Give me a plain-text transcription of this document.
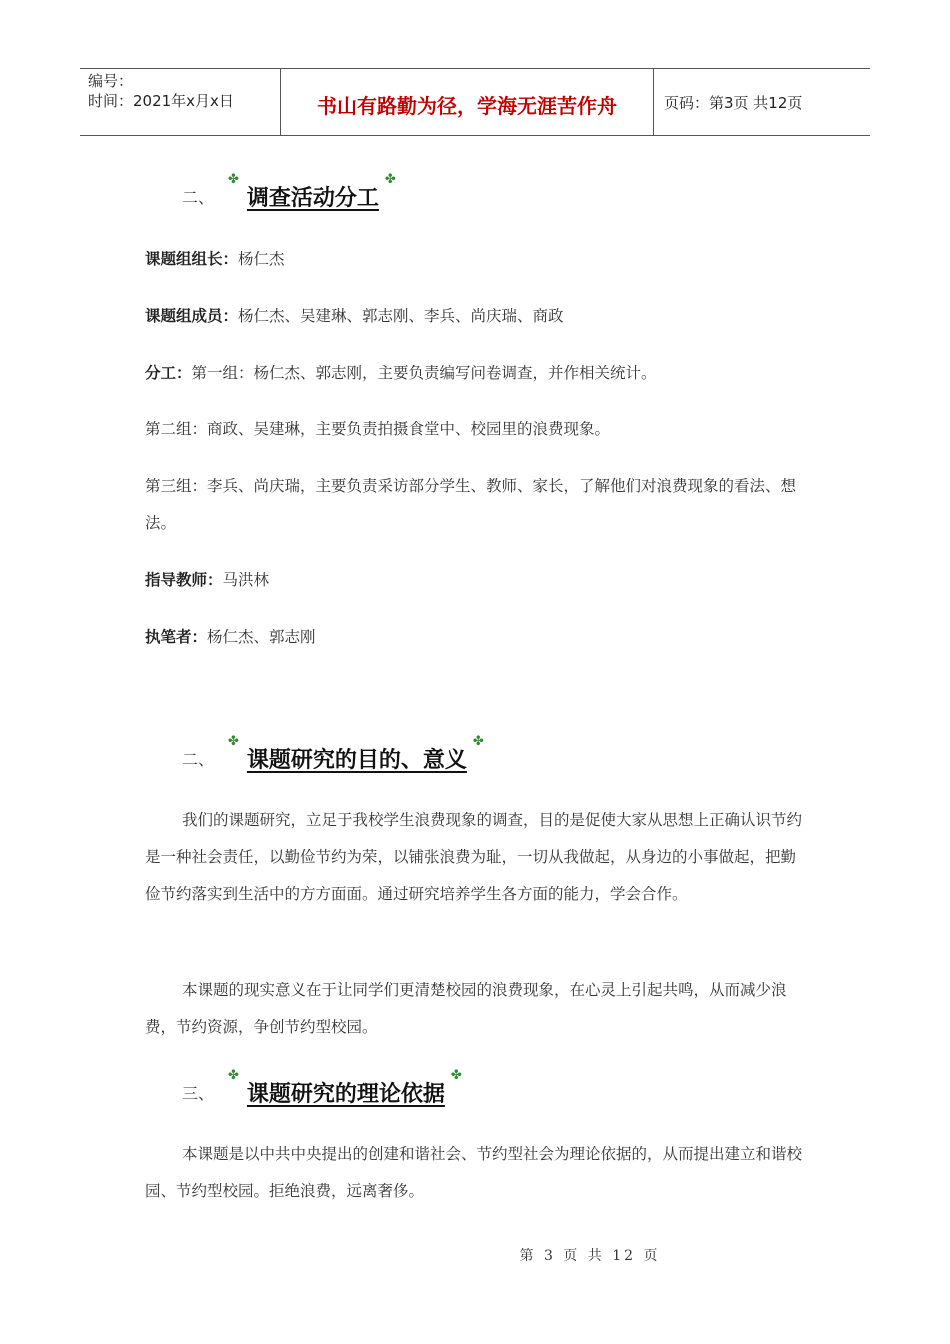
编号：
时间：2021年x月x日	书山有路勤为径，学海无涯苦作舟	页码：第3页 共12页
二、
✤
调查活动分工
✤

课题组组长：杨仁杰

课题组成员：杨仁杰、吴建琳、郭志刚、李兵、尚庆瑞、商政

分工：第一组：杨仁杰、郭志刚，主要负责编写问卷调查，并作相关统计。

第二组：商政、吴建琳，主要负责拍摄食堂中、校园里的浪费现象。

第三组：李兵、尚庆瑞，主要负责采访部分学生、教师、家长，了解他们对浪费现象的看法、想法。

指导教师：马洪林

执笔者：杨仁杰、郭志刚

二、
✤
课题研究的目的、意义
✤

我们的课题研究，立足于我校学生浪费现象的调查，目的是促使大家从思想上正确认识节约是一种社会责任，以勤俭节约为荣，以铺张浪费为耻，一切从我做起，从身边的小事做起，把勤俭节约落实到生活中的方方面面。通过研究培养学生各方面的能力，学会合作。

本课题的现实意义在于让同学们更清楚校园的浪费现象，在心灵上引起共鸣，从而减少浪费，节约资源，争创节约型校园。

三、
✤
课题研究的理论依据
✤

本课题是以中共中央提出的创建和谐社会、节约型社会为理论依据的，从而提出建立和谐校园、节约型校园。拒绝浪费，远离奢侈。

第 3 页 共 12 页
